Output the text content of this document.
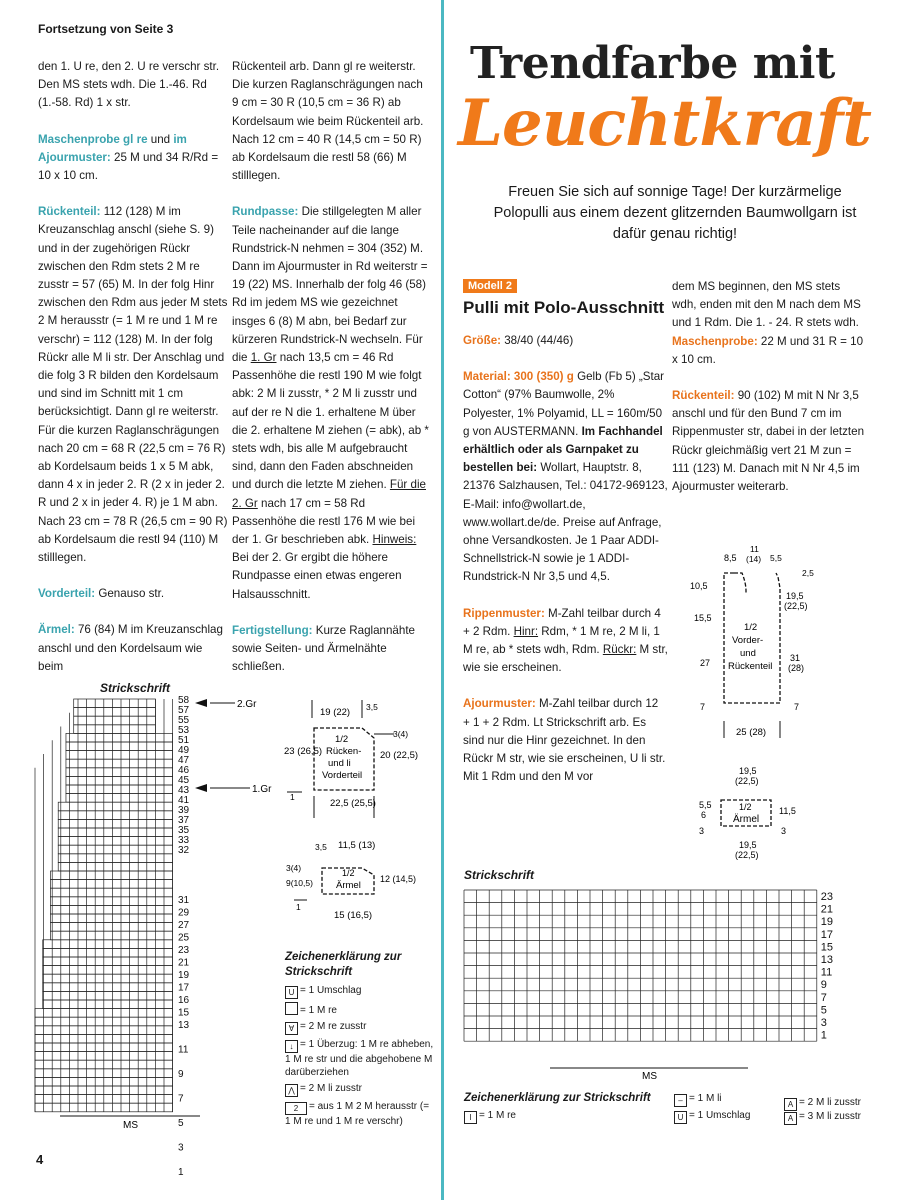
Fortsetzung von Seite 3

den 1. U re, den 2. U re verschr str. Den MS stets wdh. Die 1.-46. Rd (1.-58. Rd) 1 x str.

Maschenprobe gl re und im Ajourmuster: 25 M und 34 R/Rd = 10 x 10 cm.

Rückenteil: 112 (128) M im Kreuzanschlag anschl (siehe S. 9) und in der zugehörigen Rückr zwischen den Rdm stets 2 M re zusstr = 57 (65) M. In der folg Hinr zwischen den Rdm aus jeder M stets 2 M herausstr (= 1 M re und 1 M re verschr) = 112 (128) M. In der folg Rückr alle M li str. Der Anschlag und die folg 3 R bilden den Kordelsaum und sind im Schnitt mit 1 cm berücksichtigt. Dann gl re weiterstr. Für die kurzen Raglanschrägungen nach 20 cm = 68 R (22,5 cm = 76 R) ab Kordelsaum beids 1 x 5 M abk, dann 4 x in jeder 2. R (2 x in jeder 2. R und 2 x in jeder 4. R) je 1 M abn. Nach 23 cm = 78 R (26,5 cm = 90 R) ab Kordelsaum die restl 94 (110) M stilllegen.

Vorderteil: Genauso str.

Ärmel: 76 (84) M im Kreuzanschlag anschl und den Kordelsaum wie beim

Rückenteil arb. Dann gl re weiterstr. Die kurzen Raglanschrägungen nach 9 cm = 30 R (10,5 cm = 36 R) ab Kordelsaum wie beim Rückenteil arb. Nach 12 cm = 40 R (14,5 cm = 50 R) ab Kordelsaum die restl 58 (66) M stilllegen.

Rundpasse: Die stillgelegten M aller Teile nacheinander auf die lange Rundstrick-N nehmen = 304 (352) M. Dann im Ajourmuster in Rd weiterstr = 19 (22) MS. Innerhalb der folg 46 (58) Rd im jedem MS wie gezeichnet insges 6 (8) M abn, bei Bedarf zur kürzeren Rundstrick-N wechseln. Für die 1. Gr nach 13,5 cm = 46 Rd Passenhöhe die restl 190 M wie folgt abk: 2 M li zusstr, * 2 M li zusstr und auf der re N die 1. erhaltene M über die 2. erhaltene M ziehen (= abk), ab * stets wdh, bis alle M aufgebraucht sind, dann den Faden abschneiden und durch die letzte M ziehen. Für die 2. Gr nach 17 cm = 58 Rd Passenhöhe die restl 176 M wie bei der 1. Gr beschrieben abk. Hinweis: Bei der 2. Gr ergibt die höhere Rundpasse einen etwas engeren Halsausschnitt.

Fertigstellung: Kurze Raglannähte sowie Seiten- und Ärmelnähte schließen.

Strickschrift
58
57
55
53
51
49
47
46
45
43
41
39
37
35
33
32
31
29
27
25
23
21
19
17
16
15
13
11
9
7
5
3
1
2.Gr
1.Gr
MS
19 (22) 3,5
3(4)
1/2
Rücken-
und li
Vorderteil
23 (26,5)	20 (22,5)
1
22,5 (25,5)
3,5 11,5 (13)
3(4)
9(10,5)
1/2
Ärmel
12 (14,5)
1
15 (16,5)
Zeichenerklärung zur Strickschrift
U = 1 Umschlag
= 1 M re
∀ = 2 M re zusstr
↓ = 1 Überzug: 1 M re abheben, 1 M re str und die abgehobene M darüberziehen
⋀ = 2 M li zusstr
2 = aus 1 M 2 M herausstr (= 1 M re und 1 M re verschr)
4
Trendfarbe mit
Leuchtkraft
Freuen Sie sich auf sonnige Tage! Der kurzärmelige Polopulli aus einem dezent glitzernden Baumwollgarn ist dafür genau richtig!
Modell 2
Pulli mit Polo-Ausschnitt

Größe: 38/40 (44/46)

Material: 300 (350) g Gelb (Fb 5) „Star Cotton“ (97% Baumwolle, 2% Polyester, 1% Polyamid, LL = 160m/50 g von AUSTERMANN. Im Fachhandel erhältlich oder als Garnpaket zu bestellen bei: Wollart, Hauptstr. 8, 21376 Salzhausen, Tel.: 04172-969123, E-Mail: info@wollart.de, www.wollart.de/de. Preise auf Anfrage, ohne Versandkosten. Je 1 Paar ADDI-Schnellstrick-N sowie je 1 ADDI-Rundstrick-N Nr 3,5 und 4,5.

Rippenmuster: M-Zahl teilbar durch 4 + 2 Rdm. Hinr: Rdm, * 1 M re, 2 M li, 1 M re, ab * stets wdh, Rdm. Rückr: M str, wie sie erscheinen.

Ajourmuster: M-Zahl teilbar durch 12 + 1 + 2 Rdm. Lt Strickschrift arb. Es sind nur die Hinr gezeichnet. In den Rückr M str, wie sie erscheinen, U li str. Mit 1 Rdm und den M vor

dem MS beginnen, den MS stets wdh, enden mit den M nach dem MS und 1 Rdm. Die 1. - 24. R stets wdh.

Maschenprobe: 22 M und 31 R = 10 x 10 cm.

Rückenteil: 90 (102) M mit N Nr 3,5 anschl und für den Bund 7 cm im Rippenmuster str, dabei in der letzten Rückr gleichmäßig vert 21 M zun = 111 (123) M. Danach mit N Nr 4,5 im Ajourmuster weiterarb.

8,5
11
(14) 5,5
2,5
10,5
15,5
27
7
1/2
Vorder-
und
Rückenteil
19,5
(22,5)
31
(28)
7
25 (28)
19,5
(22,5)
5,5
6
3
11,5
3
1/2
Ärmel
19,5
(22,5)
Strickschrift
23
21
19
17
15
13
11
9
7
5
3
1
MS
Zeichenerklärung zur Strickschrift
I = 1 M re
– = 1 M li
U = 1 Umschlag
A = 2 M li zusstr
A = 3 M li zusstr
